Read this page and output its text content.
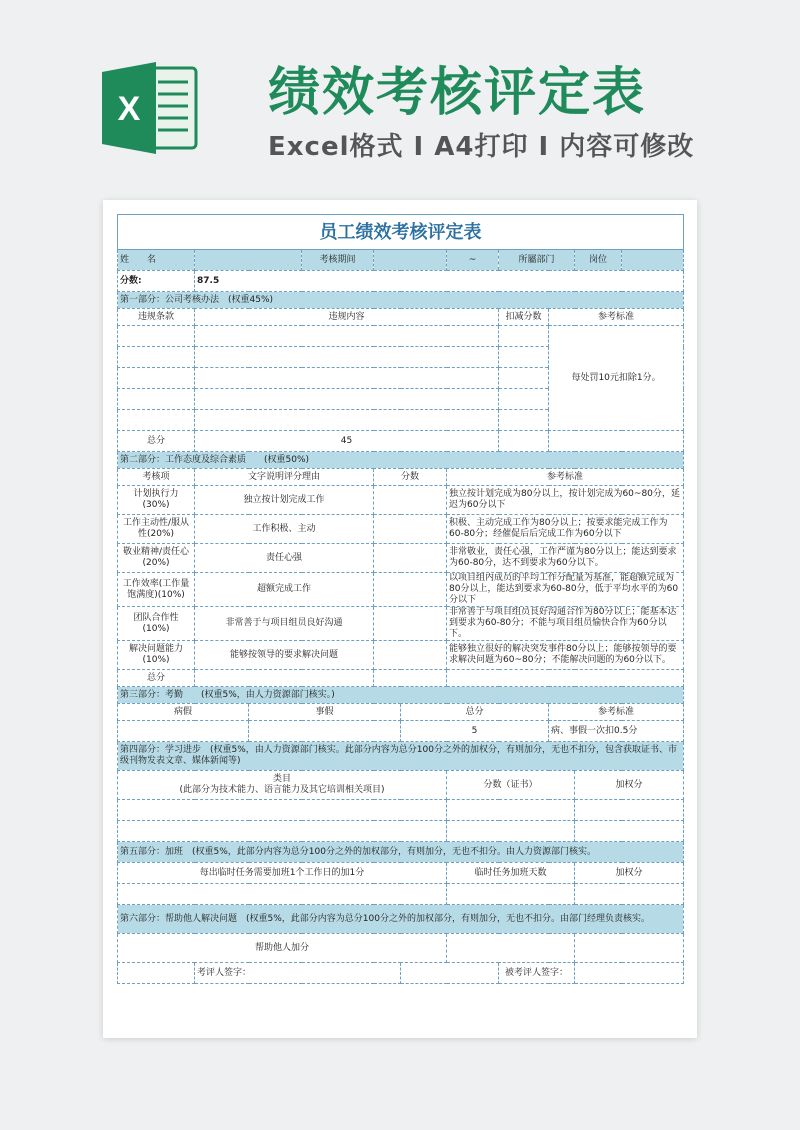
X 绩效考核评定表
Excel格式 I A4打印 I 内容可修改
员工绩效考核评定表										
姓　　名			考核期间			~	所屬部门		岗位	
分数:	87.5									
第一部分：公司考核办法　(权重45%)										
违规条款	违规内容						扣减分数	参考标准		
								每处罚10元扣除1分。		

总分	45									
第二部分：工作态度及综合素质　　(权重50%)										
考核项	文字说明评分理由			分数		参考标准				
计划执行力(30%)	独立按计划完成工作					独立按计划完成为80分以上，按计划完成为60~80分，延迟为60分以下				
工作主动性/服从性(20%)	工作积极、主动					积极、主动完成工作为80分以上；按要求能完成工作为60-80分；经催促后后完成工作为60分以下				
敬业精神/责任心(20%)	责任心强					非常敬业，责任心强，工作严谨为80分以上；能达到要求为60-80分，达不到要求为60分以下。				
工作效率(工作量饱满度)(10%)	超额完成工作					以项目组内成员的平均工作分配量为基准，能超额完成为80分以上，能达到要求为60-80分，低于平均水平的为60分以下				
团队合作性(10%)	非常善于与项目组员良好沟通					非常善于与项目组员良好沟通合作为80分以上；能基本达到要求为60-80分；不能与项目组员愉快合作为60分以下。				
解决问题能力(10%)	能够按领导的要求解决问题					能够独立很好的解决突发事件80分以上；能够按领导的要求解决问题为60~80分；不能解决问题的为60分以下。				
总分										
第三部分：考勤　　(权重5%，由人力资源部门核实。)										
病假		事假			总分			参考标准		
					5			病、事假一次扣0.5分		
第四部分：学习进步　(权重5%，由人力资源部门核实。此部分内容为总分100分之外的加权分，有则加分，无也不扣分，包含获取证书、市级刊物发表文章、媒体新闻等)										
类目
(此部分为技术能力、语言能力及其它培训相关项目)						分数（证书）			加权分	

第五部分：加班　(权重5%，此部分内容为总分100分之外的加权部分，有则加分，无也不扣分。由人力资源部门核实。										
每出临时任务需要加班1个工作日的加1分						临时任务加班天数			加权分	

第六部分：帮助他人解决问题　(权重5%，此部分内容为总分100分之外的加权部分，有则加分，无也不扣分。由部门经理负责核实。										
帮助他人加分										
	考评人签字：						被考评人签字：			
